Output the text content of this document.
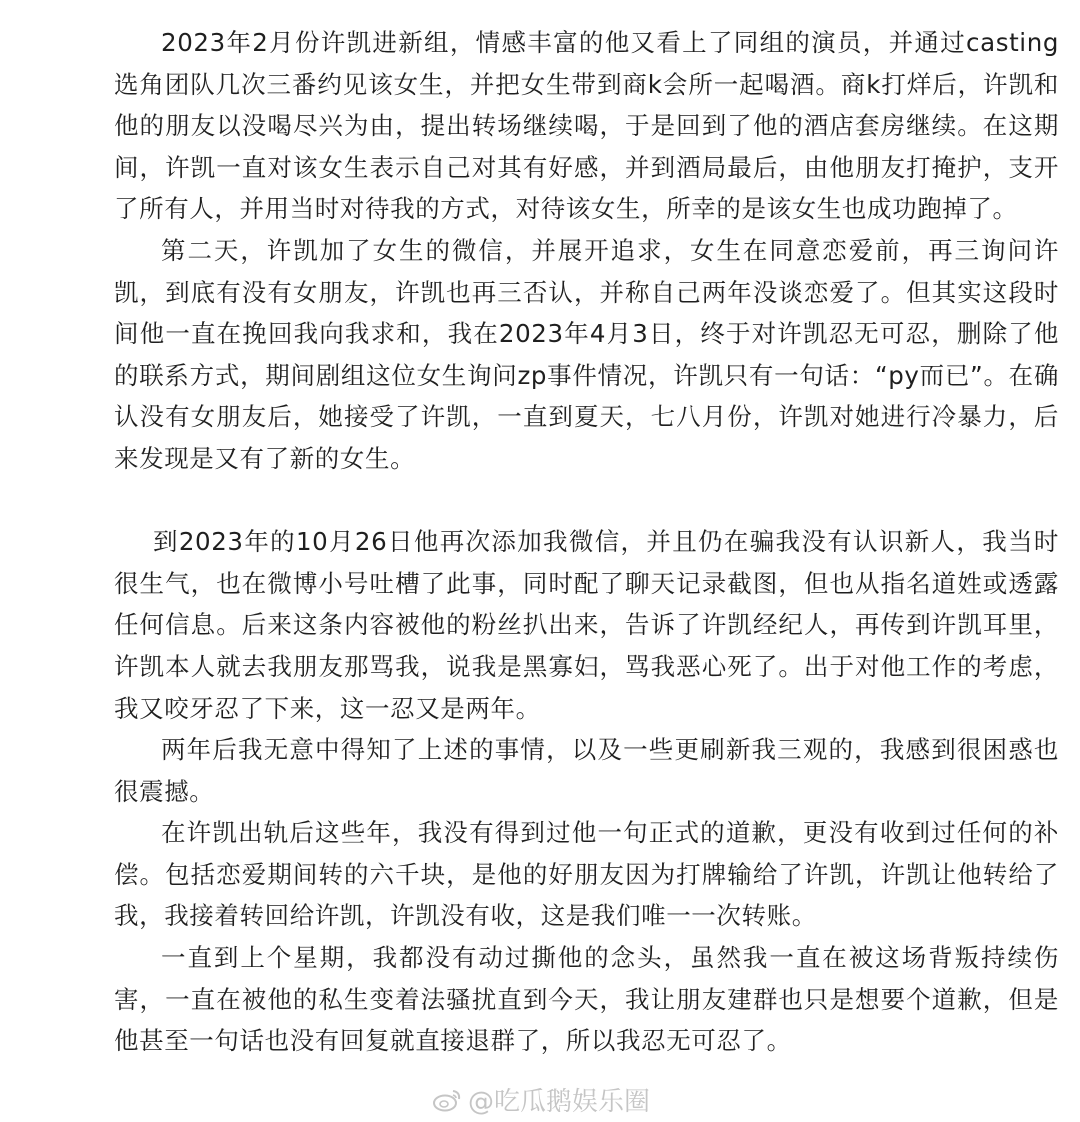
2023年2月份许凯进新组，情感丰富的他又看上了同组的演员，并通过casting选角团队几次三番约见该女生，并把女生带到商k会所一起喝酒。商k打烊后，许凯和他的朋友以没喝尽兴为由，提出转场继续喝，于是回到了他的酒店套房继续。在这期间，许凯一直对该女生表示自己对其有好感，并到酒局最后，由他朋友打掩护，支开了所有人，并用当时对待我的方式，对待该女生，所幸的是该女生也成功跑掉了。

第二天，许凯加了女生的微信，并展开追求，女生在同意恋爱前，再三询问许凯，到底有没有女朋友，许凯也再三否认，并称自己两年没谈恋爱了。但其实这段时间他一直在挽回我向我求和，我在2023年4月3日，终于对许凯忍无可忍，删除了他的联系方式，期间剧组这位女生询问zp事件情况，许凯只有一句话：“py而已”。在确认没有女朋友后，她接受了许凯，一直到夏天，七八月份，许凯对她进行冷暴力，后来发现是又有了新的女生。

到2023年的10月26日他再次添加我微信，并且仍在骗我没有认识新人，我当时很生气，也在微博小号吐槽了此事，同时配了聊天记录截图，但也从指名道姓或透露任何信息。后来这条内容被他的粉丝扒出来，告诉了许凯经纪人，再传到许凯耳里，许凯本人就去我朋友那骂我，说我是黑寡妇，骂我恶心死了。出于对他工作的考虑，我又咬牙忍了下来，这一忍又是两年。

两年后我无意中得知了上述的事情，以及一些更刷新我三观的，我感到很困惑也很震撼。

在许凯出轨后这些年，我没有得到过他一句正式的道歉，更没有收到过任何的补偿。包括恋爱期间转的六千块，是他的好朋友因为打牌输给了许凯，许凯让他转给了我，我接着转回给许凯，许凯没有收，这是我们唯一一次转账。

一直到上个星期，我都没有动过撕他的念头，虽然我一直在被这场背叛持续伤害，一直在被他的私生变着法骚扰直到今天，我让朋友建群也只是想要个道歉，但是他甚至一句话也没有回复就直接退群了，所以我忍无可忍了。

@吃瓜鹅娱乐圈
